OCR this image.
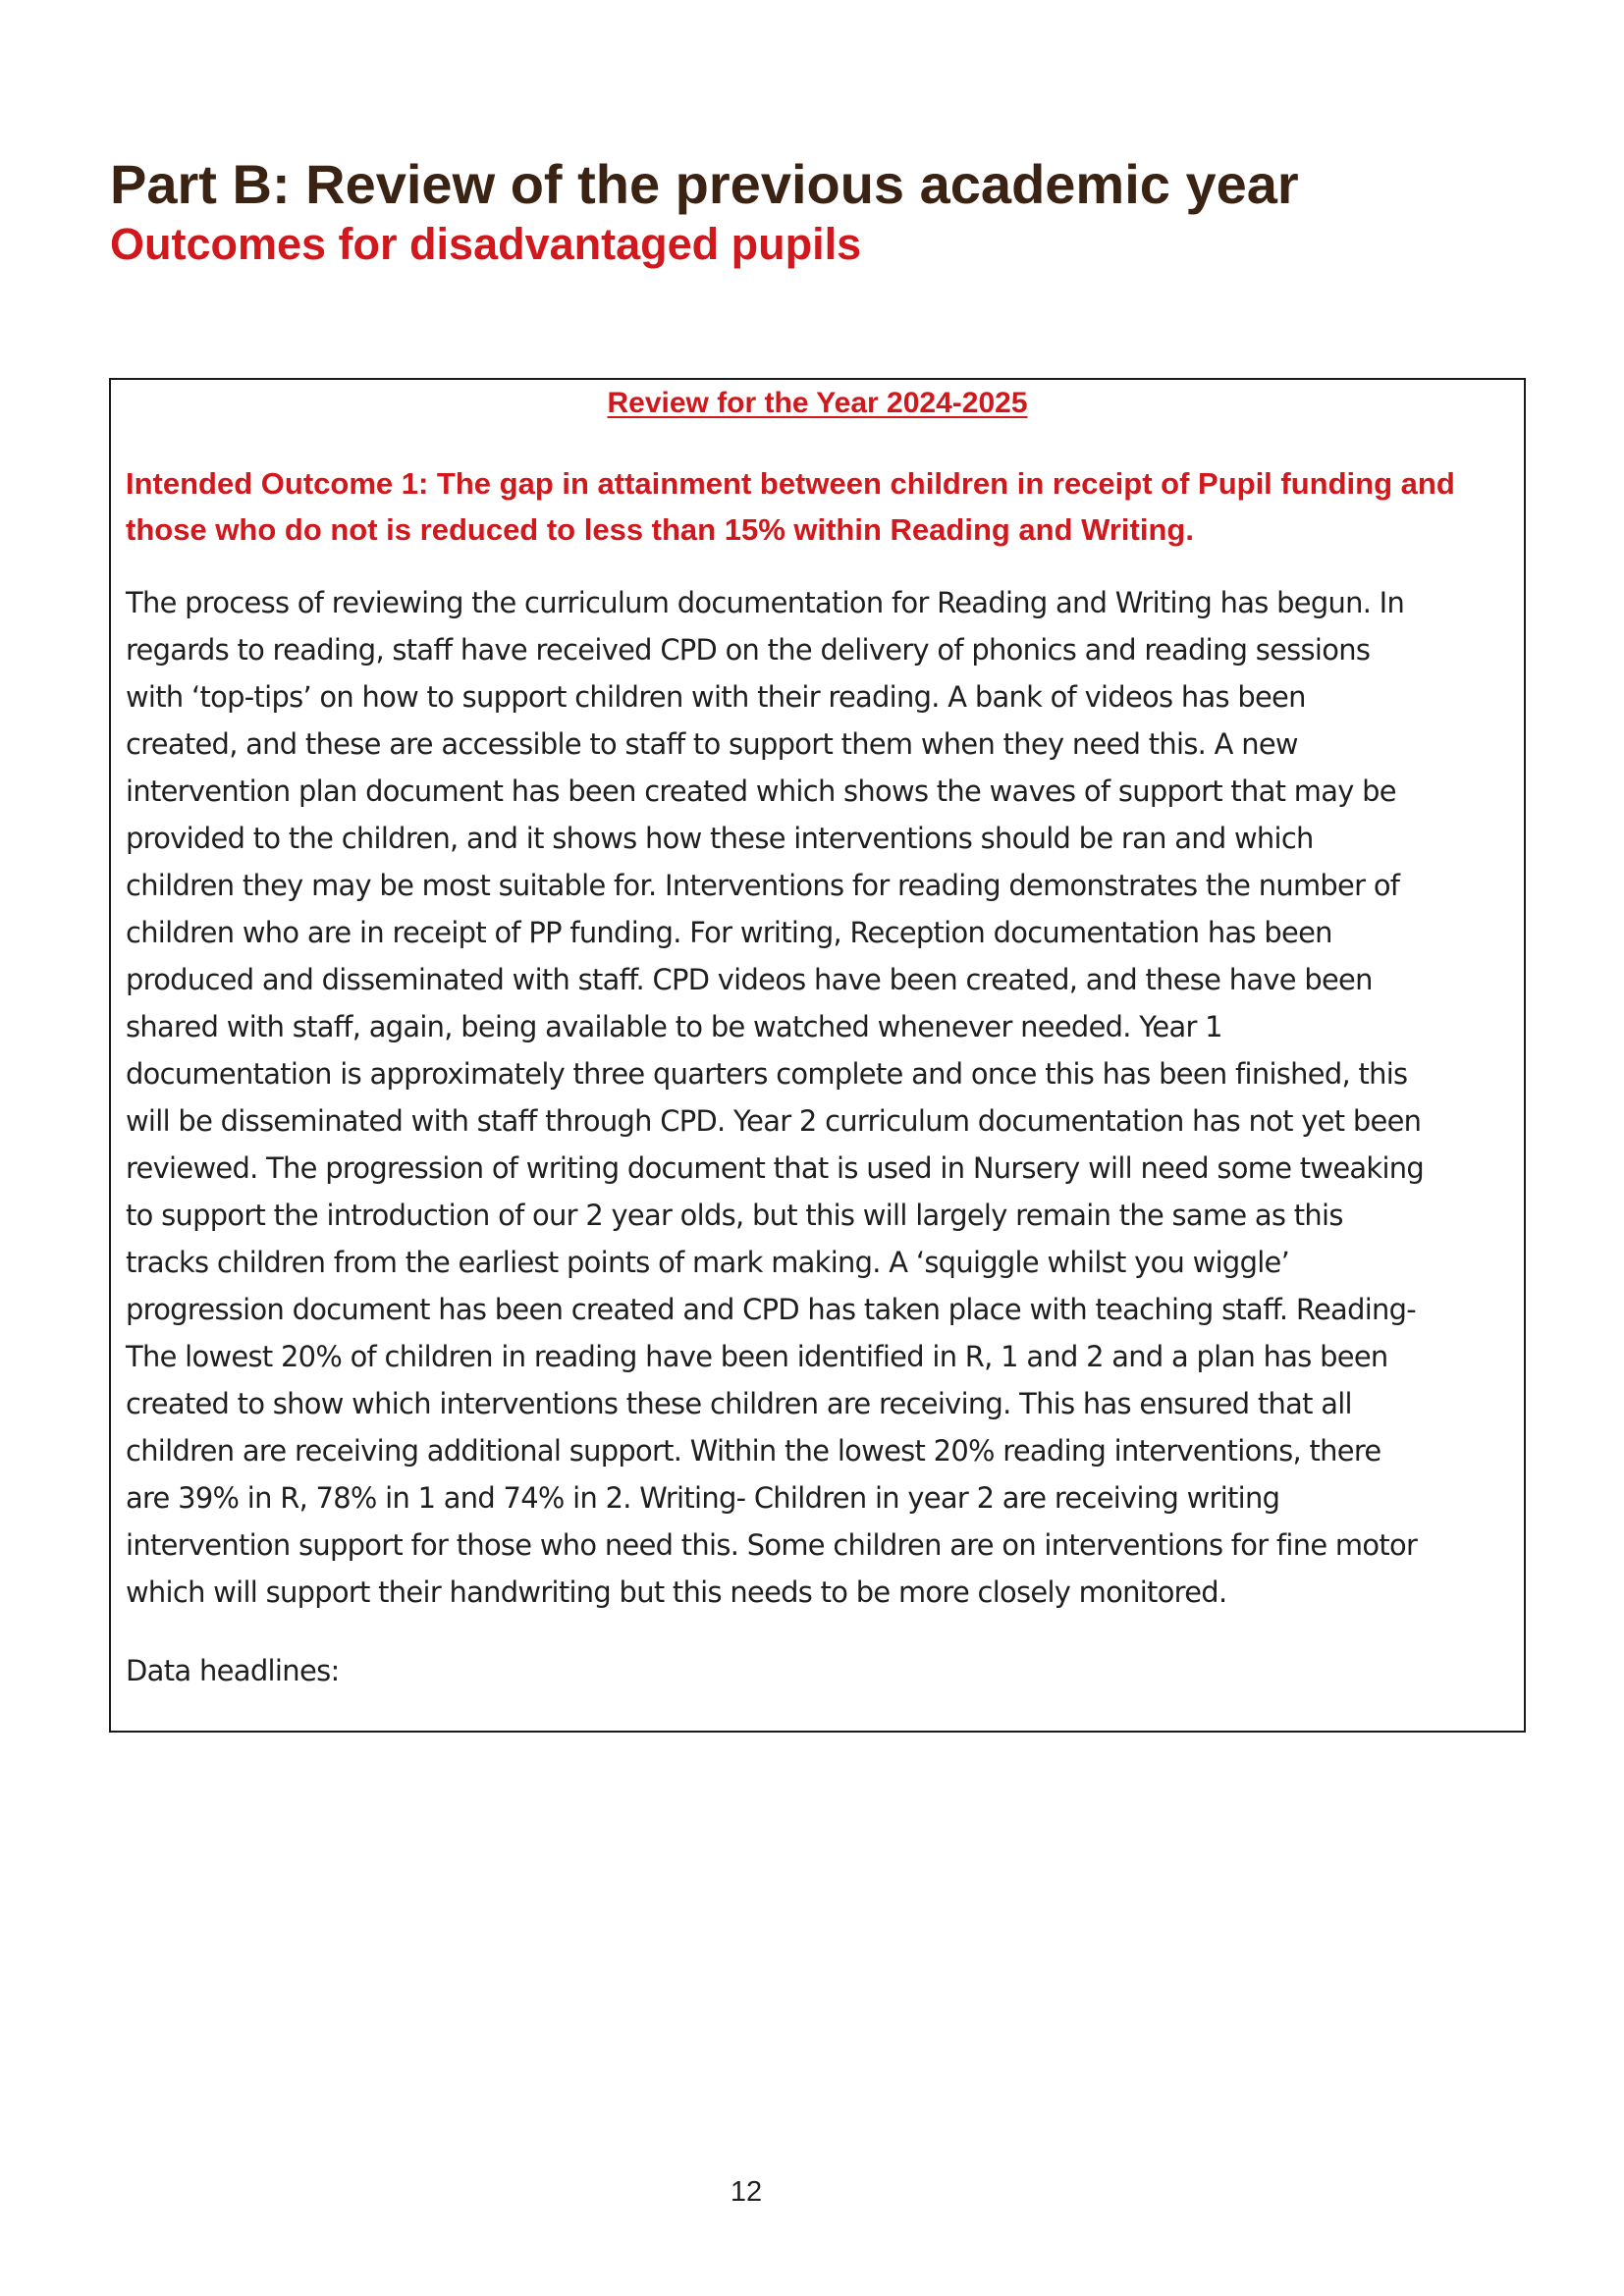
Part B: Review of the previous academic year
Outcomes for disadvantaged pupils
Review for the Year 2024-2025
Intended Outcome 1: The gap in attainment between children in receipt of Pupil funding and those who do not is reduced to less than 15% within Reading and Writing.
The process of reviewing the curriculum documentation for Reading and Writing has begun. In
regards to reading, staff have received CPD on the delivery of phonics and reading sessions
with ‘top-tips’ on how to support children with their reading. A bank of videos has been
created, and these are accessible to staff to support them when they need this. A new
intervention plan document has been created which shows the waves of support that may be
provided to the children, and it shows how these interventions should be ran and which
children they may be most suitable for. Interventions for reading demonstrates the number of
children who are in receipt of PP funding. For writing, Reception documentation has been
produced and disseminated with staff. CPD videos have been created, and these have been
shared with staff, again, being available to be watched whenever needed. Year 1
documentation is approximately three quarters complete and once this has been finished, this
will be disseminated with staff through CPD. Year 2 curriculum documentation has not yet been
reviewed. The progression of writing document that is used in Nursery will need some tweaking
to support the introduction of our 2 year olds, but this will largely remain the same as this
tracks children from the earliest points of mark making. A ‘squiggle whilst you wiggle’
progression document has been created and CPD has taken place with teaching staff. Reading-
The lowest 20% of children in reading have been identified in R, 1 and 2 and a plan has been
created to show which interventions these children are receiving. This has ensured that all
children are receiving additional support. Within the lowest 20% reading interventions, there
are 39% in R, 78% in 1 and 74% in 2. Writing- Children in year 2 are receiving writing
intervention support for those who need this. Some children are on interventions for fine motor
which will support their handwriting but this needs to be more closely monitored.
Data headlines:
12
